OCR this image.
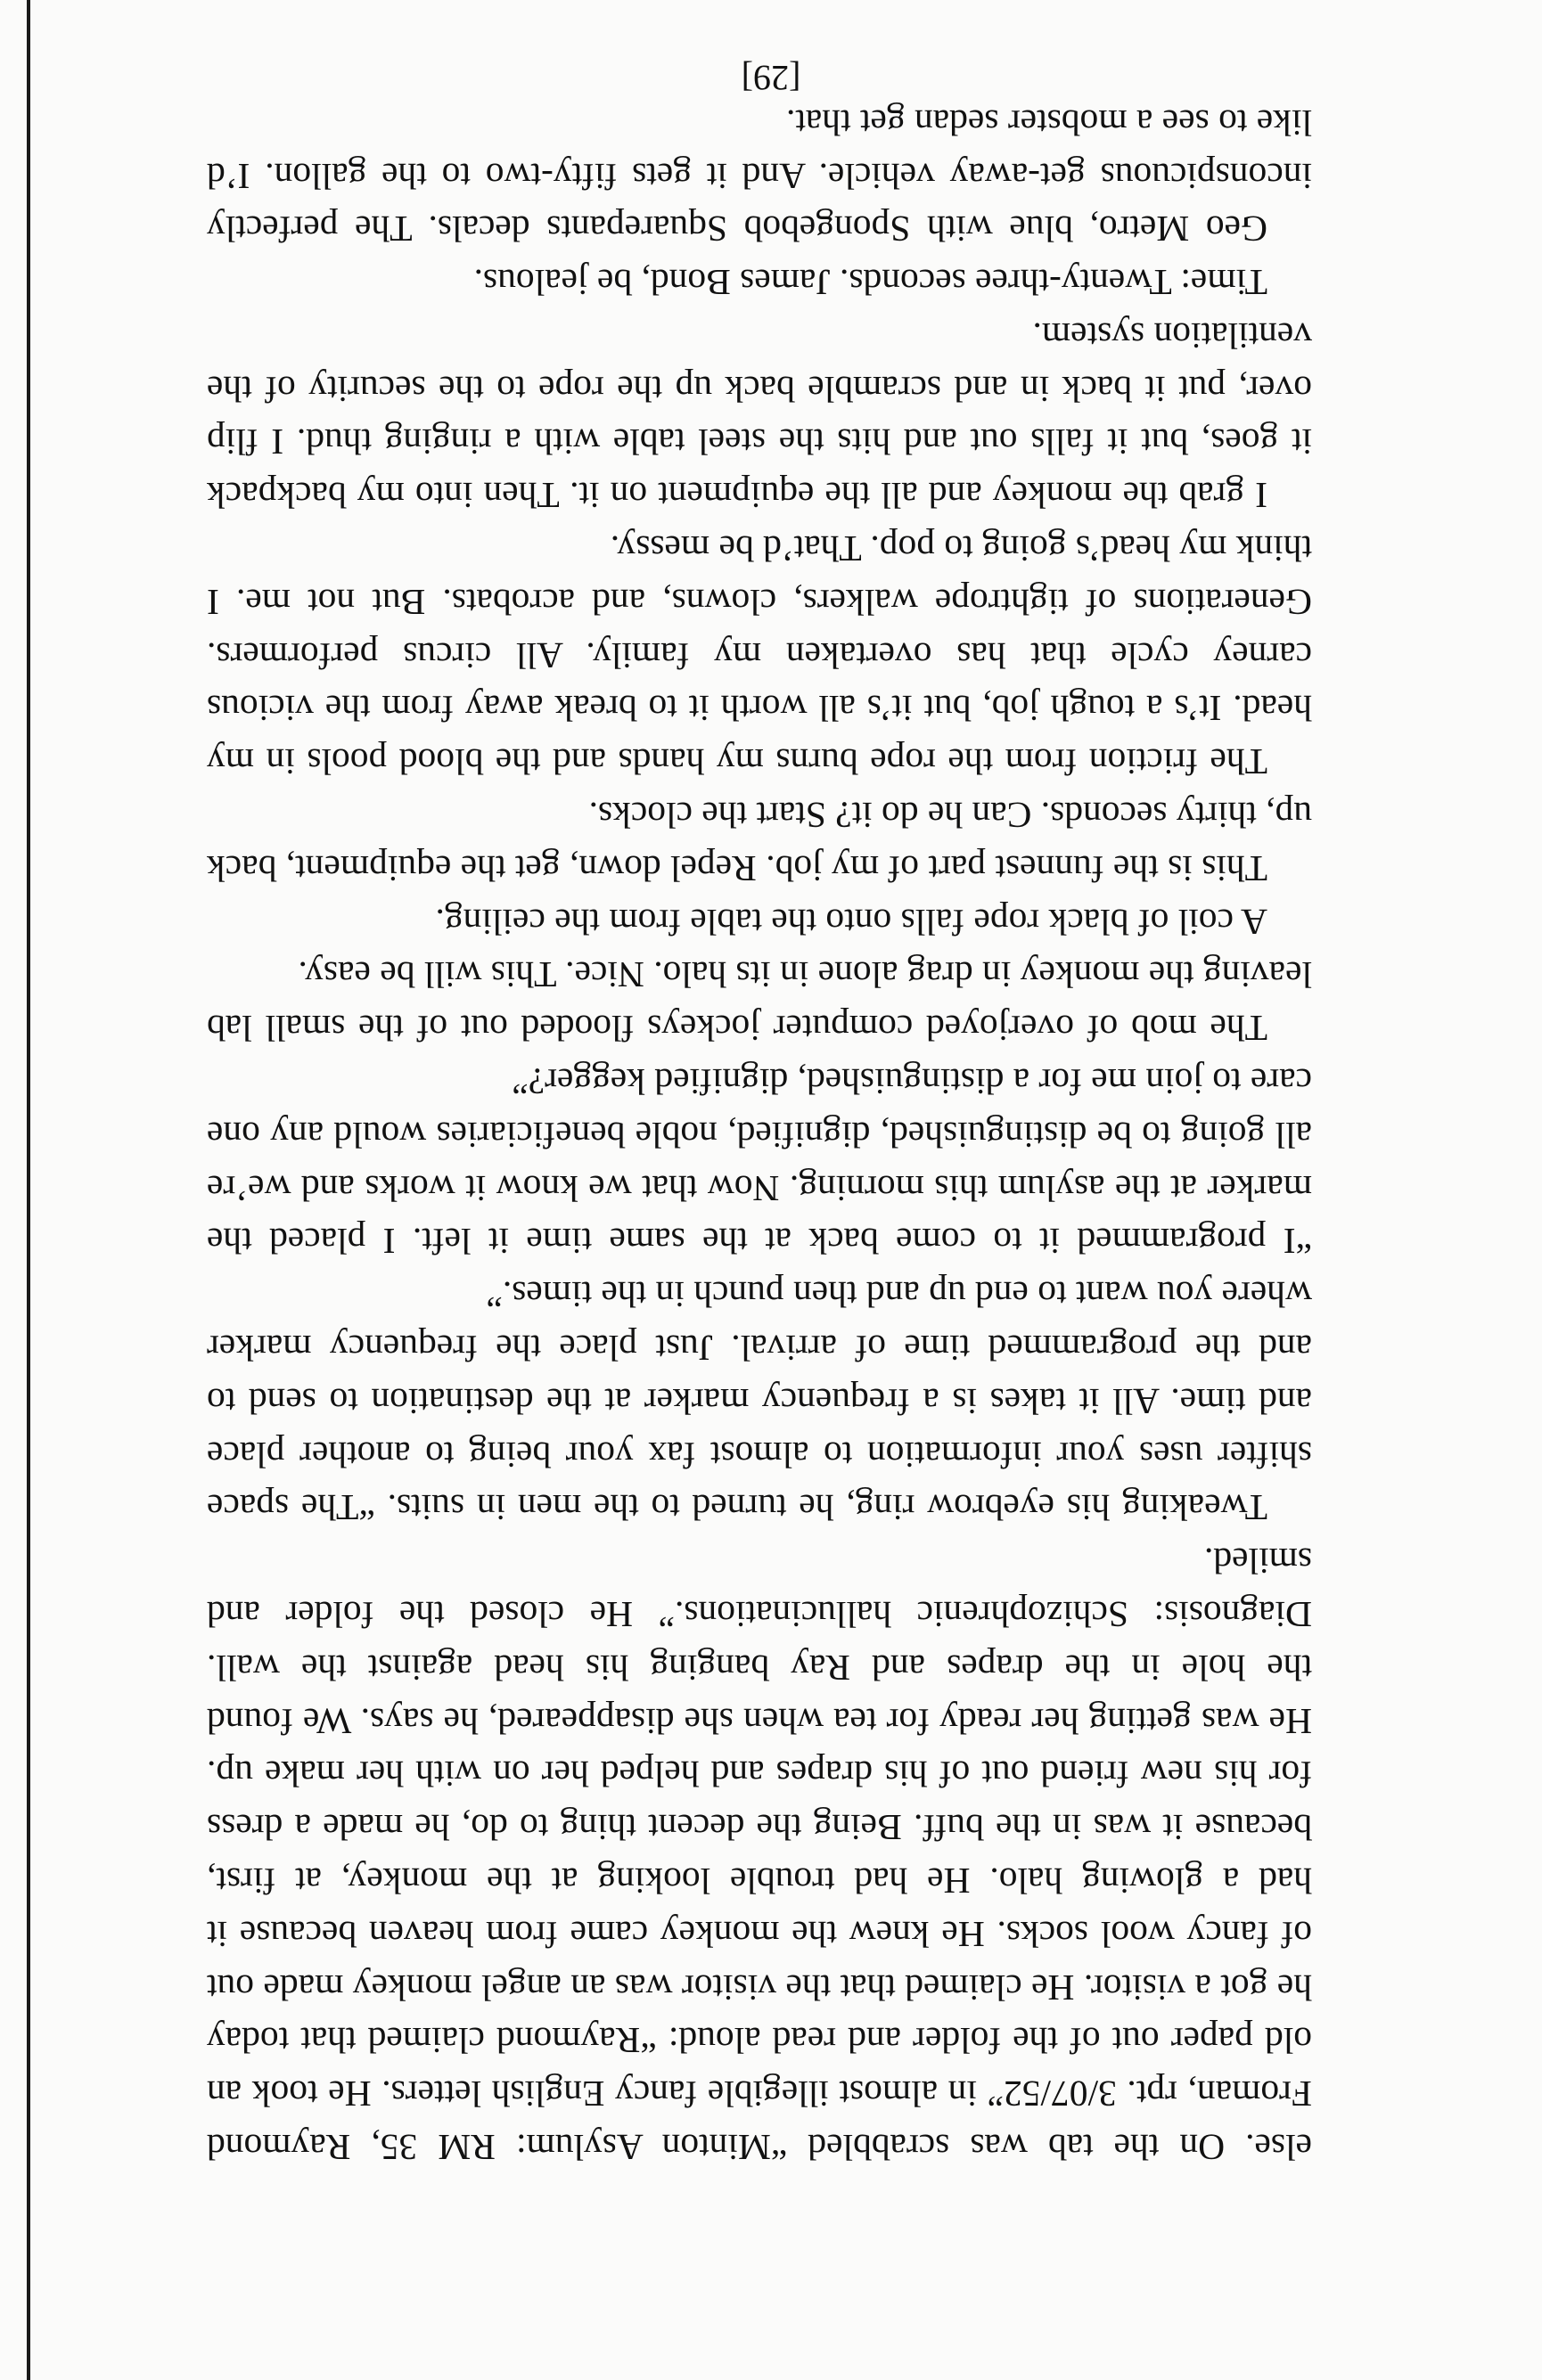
else. On the tab was scrabbled “Minton Asylum: RM 35, Raymond Froman, rpt. 3/07/52” in almost illegible fancy English letters. He took an old paper out of the folder and read aloud: “Raymond claimed that today he got a visitor. He claimed that the visitor was an angel monkey made out of fancy wool socks. He knew the monkey came from heaven because it had a glowing halo. He had trouble looking at the monkey, at first, because it was in the buff. Being the decent thing to do, he made a dress for his new friend out of his drapes and helped her on with her make up. He was getting her ready for tea when she disappeared, he says. We found the hole in the drapes and Ray banging his head against the wall. Diagnosis: Schizophrenic hallucinations.” He closed the folder and smiled.

Tweaking his eyebrow ring, he turned to the men in suits. “The space shifter uses your information to almost fax your being to another place and time. All it takes is a frequency marker at the destination to send to and the programmed time of arrival. Just place the frequency marker where you want to end up and then punch in the times.”

“I programmed it to come back at the same time it left. I placed the marker at the asylum this morning. Now that we know it works and we’re all going to be distinguished, dignified, noble beneficiaries would any one care to join me for a distinguished, dignified kegger?”

The mob of overjoyed computer jockeys flooded out of the small lab leaving the monkey in drag alone in its halo. Nice. This will be easy.

A coil of black rope falls onto the table from the ceiling.

This is the funnest part of my job. Repel down, get the equipment, back up, thirty seconds. Can he do it? Start the clocks.

The friction from the rope burns my hands and the blood pools in my head. It’s a tough job, but it’s all worth it to break away from the vicious carney cycle that has overtaken my family. All circus performers. Generations of tightrope walkers, clowns, and acrobats. But not me. I think my head’s going to pop. That’d be messy.

I grab the monkey and all the equipment on it. Then into my backpack it goes, but it falls out and hits the steel table with a ringing thud. I flip over, put it back in and scramble back up the rope to the security of the ventilation system.

Time: Twenty-three seconds. James Bond, be jealous.

Geo Metro, blue with Spongebob Squarepants decals. The perfectly inconspicuous get-away vehicle. And it gets fifty-two to the gallon. I’d like to see a mobster sedan get that.

[29]
